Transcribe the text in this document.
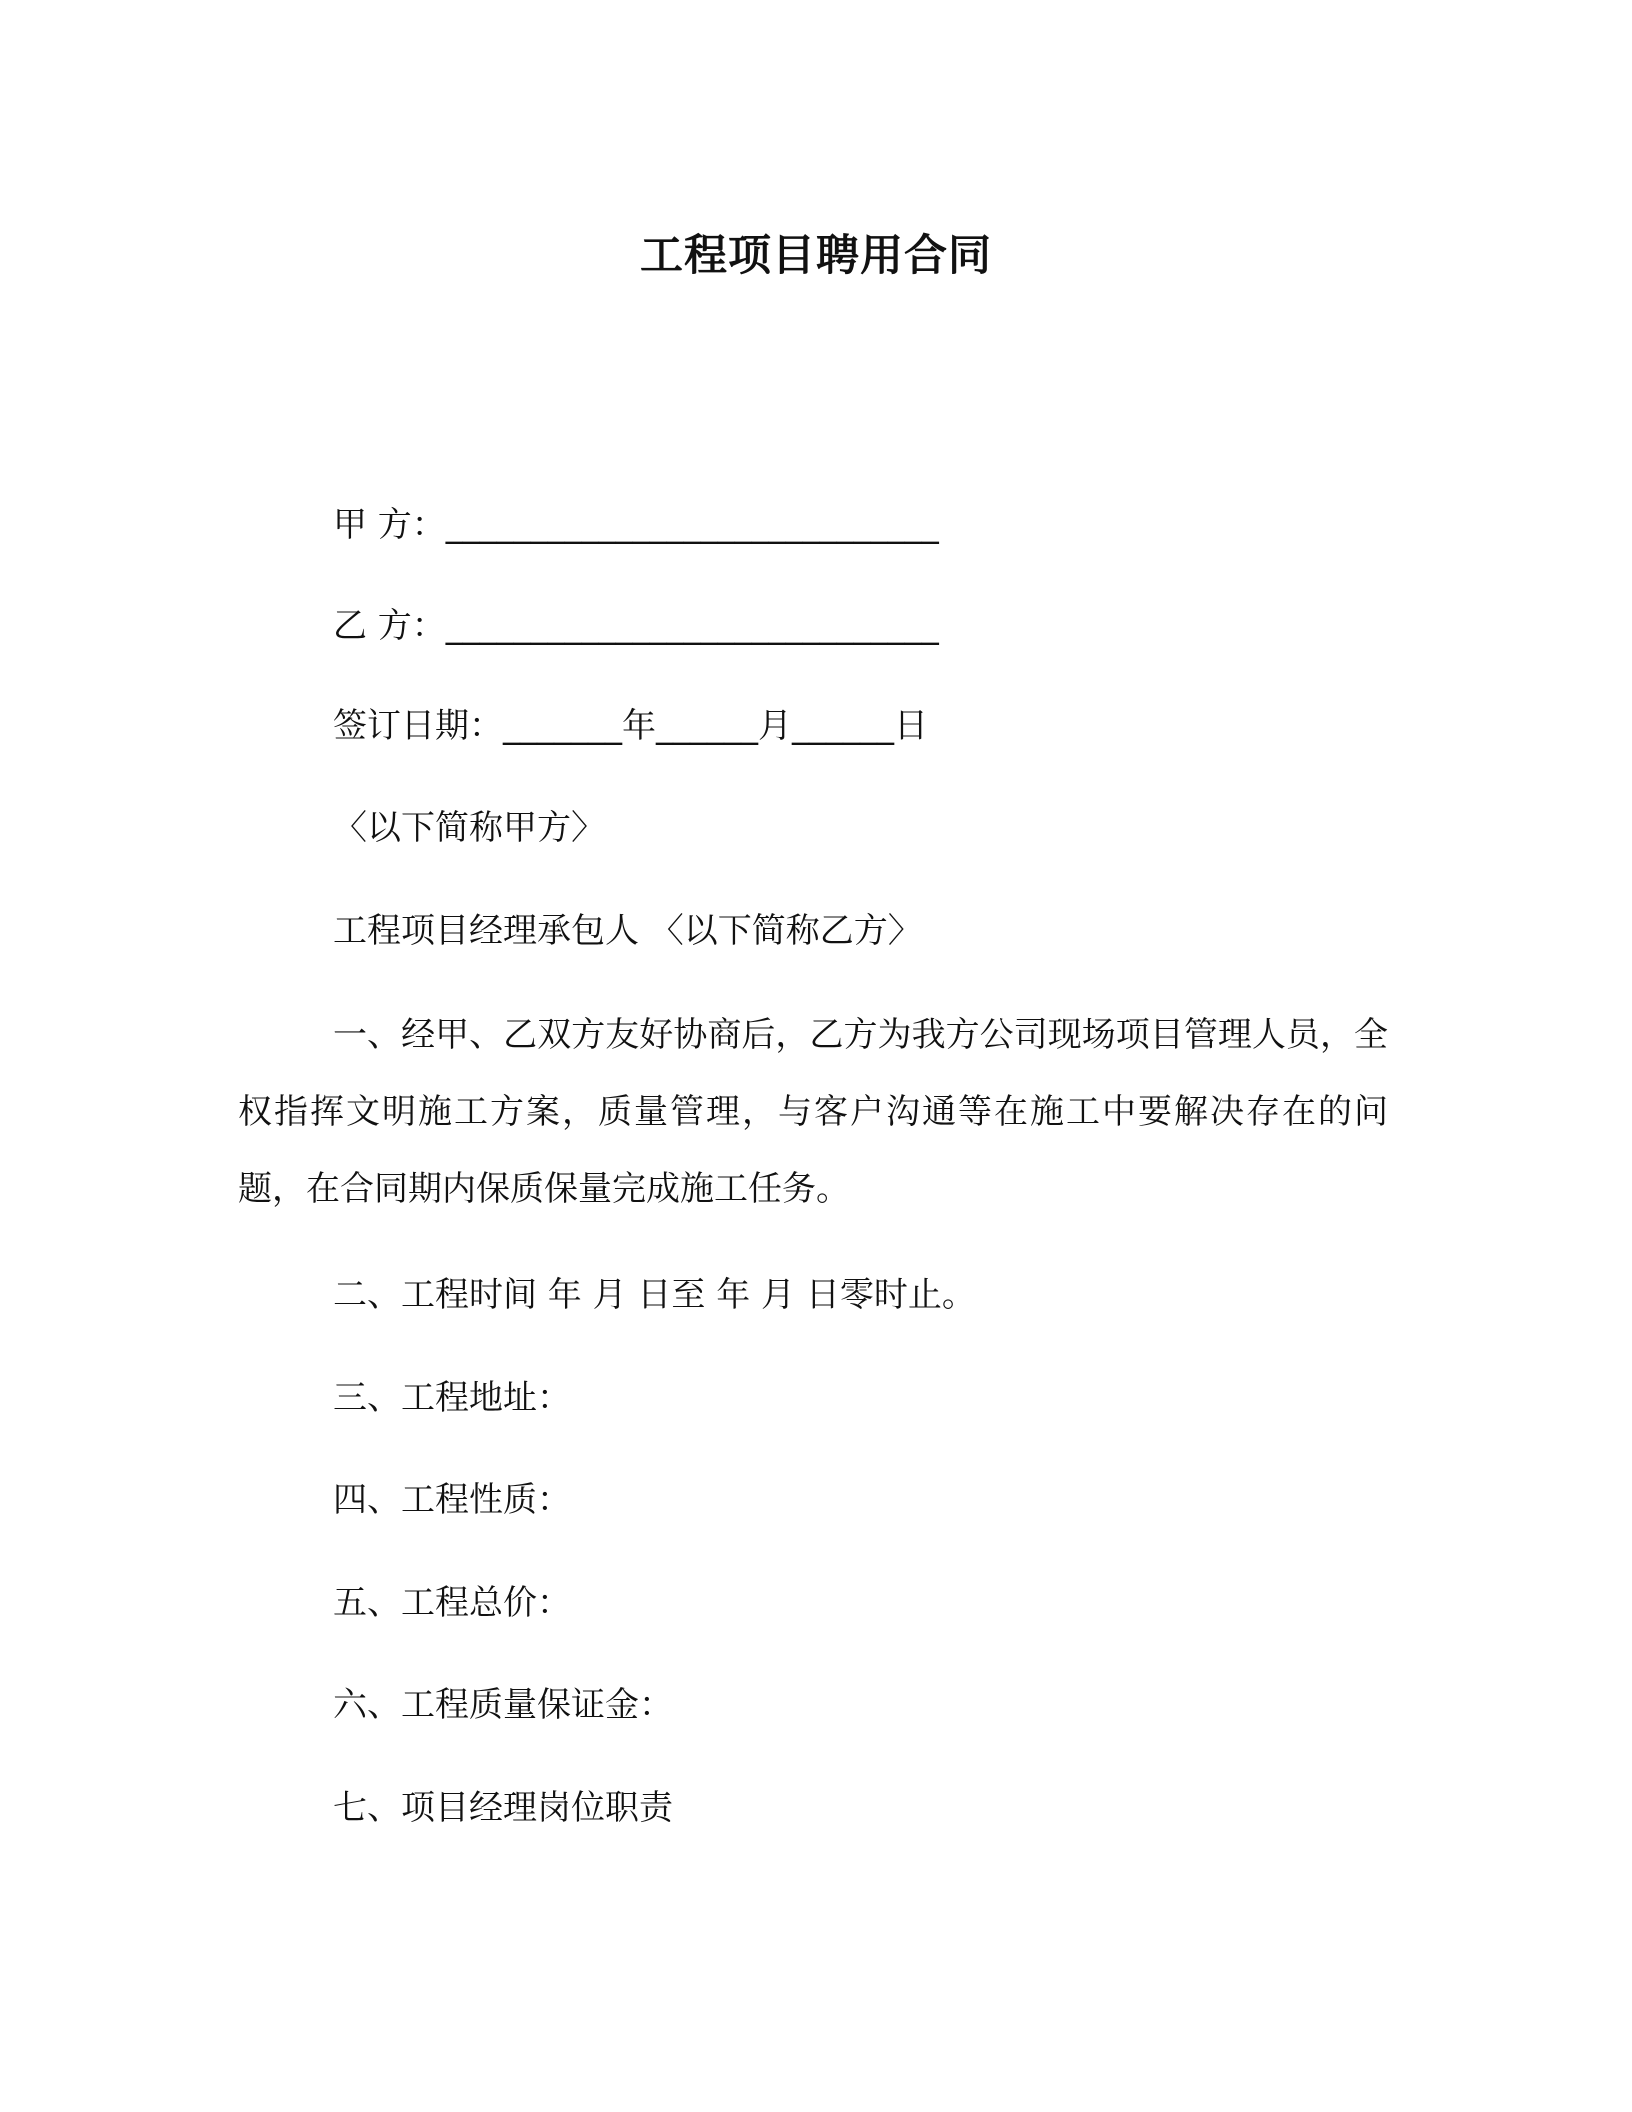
工程项目聘用合同
甲 方：_____________________________
乙 方：_____________________________
签订日期：_______年______月______日
〈以下简称甲方〉
工程项目经理承包人 〈以下简称乙方〉
一、经甲、乙双方友好协商后，乙方为我方公司现场项目管理人员，全权指挥文明施工方案，质量管理，与客户沟通等在施工中要解决存在的问题，在合同期内保质保量完成施工任务。
二、工程时间 年 月 日至 年 月 日零时止。
三、工程地址：
四、工程性质：
五、工程总价：
六、工程质量保证金：
七、项目经理岗位职责
